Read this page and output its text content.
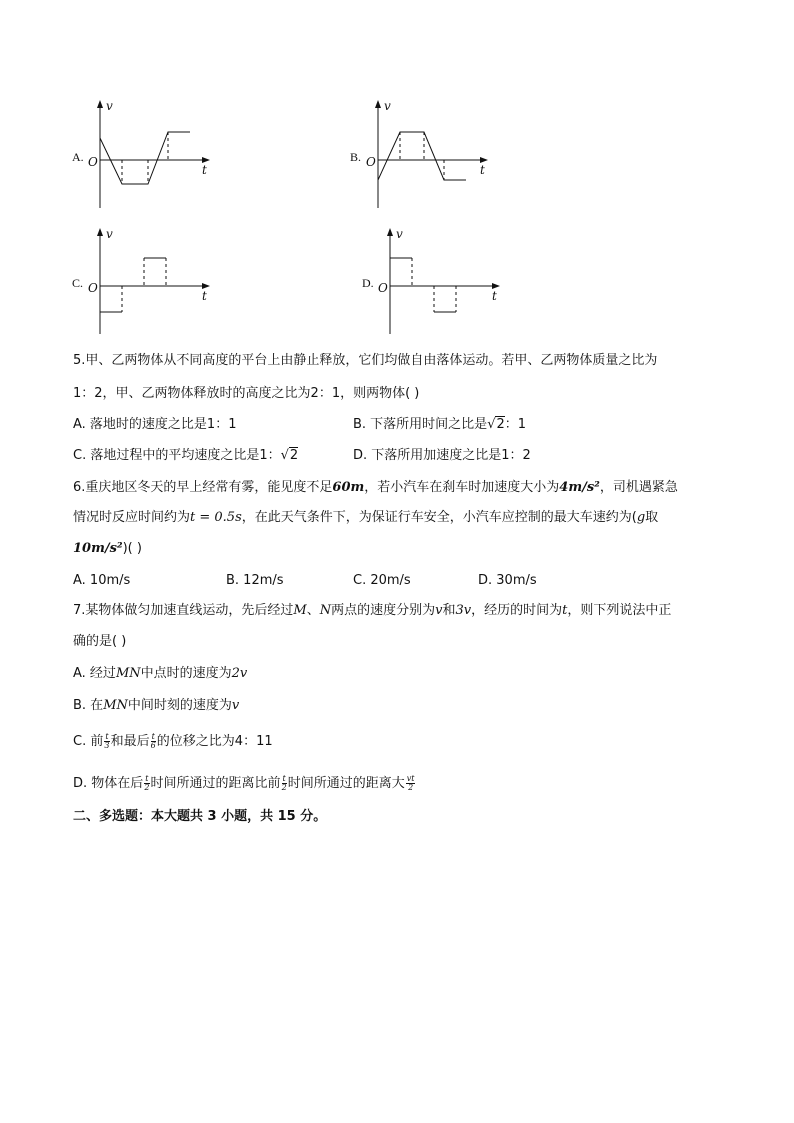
A.
v
t
O	B.
v
t
O
C.
v
t
O	D.
v
t
O
5.甲、乙两物体从不同高度的平台上由静止释放，它们均做自由落体运动。若甲、乙两物体质量之比为
1：2，甲、乙两物体释放时的高度之比为2：1，则两物体( )
A. 落地时的速度之比是1：1	B. 下落所用时间之比是√2：1
C. 落地过程中的平均速度之比是1：√2	D. 下落所用加速度之比是1：2
6.重庆地区冬天的早上经常有雾，能见度不足60m，若小汽车在刹车时加速度大小为4m/s²，司机遇紧急
情况时反应时间约为t = 0.5s，在此天气条件下，为保证行车安全，小汽车应控制的最大车速约为(g取
10m/s²)( )
A. 10m/s	B. 12m/s	C. 20m/s	D. 30m/s
7.某物体做匀加速直线运动，先后经过M、N两点的速度分别为v和3v，经历的时间为t，则下列说法中正
确的是( )
A. 经过MN中点时的速度为2v
B. 在MN中间时刻的速度为v
C. 前 $\frac{t}{3}$ 和最后 $\frac{t}{6}$ 的位移之比为4：11
D. 物体在后 $\frac{t}{2}$ 时间所通过的距离比前 $\frac{t}{2}$ 时间所通过的距离大 $\frac{vt}{2}$
二、多选题：本大题共 3 小题，共 15 分。
